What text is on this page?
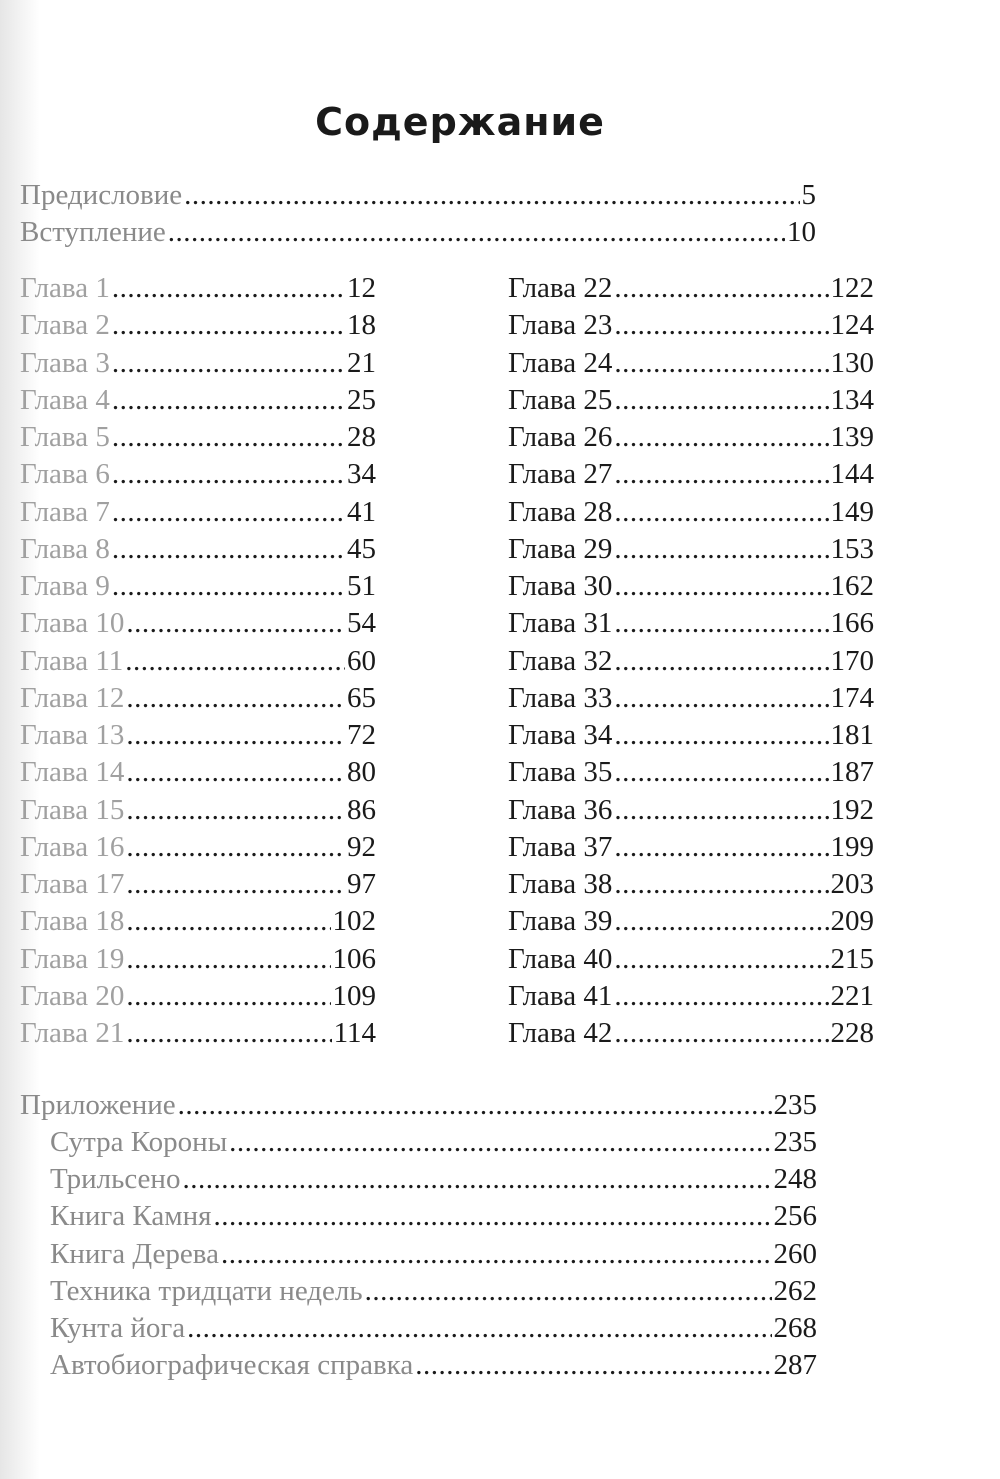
Содержание
Предисловие .....	5
Вступление .....	10
Глава 1 .....	12
Глава 2 .....	18
Глава 3 .....	21
Глава 4 .....	25
Глава 5 .....	28
Глава 6 .....	34
Глава 7 .....	41
Глава 8 .....	45
Глава 9 .....	51
Глава 10 .....	54
Глава 11 .....	60
Глава 12 .....	65
Глава 13 .....	72
Глава 14 .....	80
Глава 15 .....	86
Глава 16 .....	92
Глава 17 .....	97
Глава 18 .....	102
Глава 19 .....	106
Глава 20 .....	109
Глава 21 .....	114
Глава 22 .....	122
Глава 23 .....	124
Глава 24 .....	130
Глава 25 .....	134
Глава 26 .....	139
Глава 27 .....	144
Глава 28 .....	149
Глава 29 .....	153
Глава 30 .....	162
Глава 31 .....	166
Глава 32 .....	170
Глава 33 .....	174
Глава 34 .....	181
Глава 35 .....	187
Глава 36 .....	192
Глава 37 .....	199
Глава 38 .....	203
Глава 39 .....	209
Глава 40 .....	215
Глава 41 .....	221
Глава 42 .....	228
Приложение .....	235
Сутра Короны .....	235
Трильсено .....	248
Книга Камня .....	256
Книга Дерева .....	260
Техника тридцати недель .....	262
Кунта йога .....	268
Автобиографическая справка .....	287
